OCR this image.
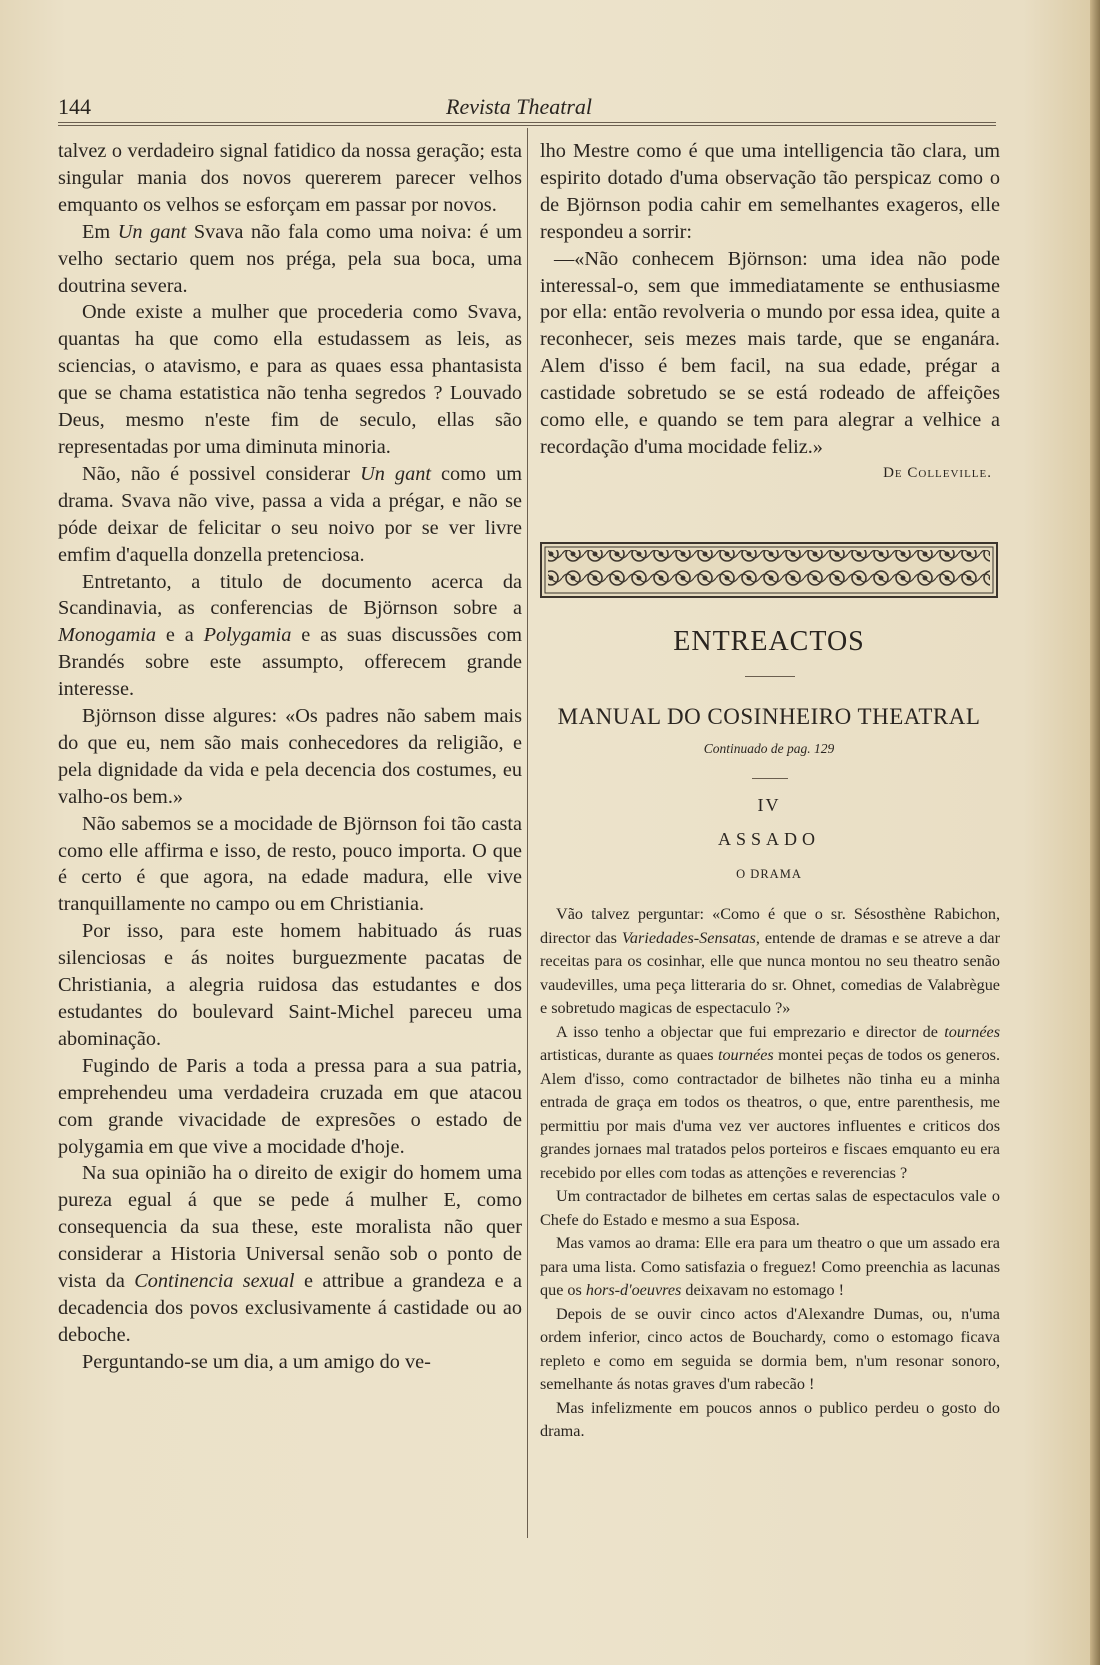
144	Revista Theatral

talvez o verdadeiro signal fatidico da nossa geração; esta singular mania dos novos quererem parecer velhos emquanto os velhos se esforçam em passar por novos.

Em Un gant Svava não fala como uma noiva: é um velho sectario quem nos préga, pela sua boca, uma doutrina severa.

Onde existe a mulher que procederia como Svava, quantas ha que como ella estudassem as leis, as sciencias, o atavismo, e para as quaes essa phantasista que se chama estatistica não tenha segredos ? Louvado Deus, mesmo n'este fim de seculo, ellas são representadas por uma diminuta minoria.

Não, não é possivel considerar Un gant como um drama. Svava não vive, passa a vida a prégar, e não se póde deixar de felicitar o seu noivo por se ver livre emfim d'aquella donzella pretenciosa.

Entretanto, a titulo de documento acerca da Scandinavia, as conferencias de Björnson sobre a Monogamia e a Polygamia e as suas discussões com Brandés sobre este assumpto, offerecem grande interesse.

Björnson disse algures: «Os padres não sabem mais do que eu, nem são mais conhecedores da religião, e pela dignidade da vida e pela decencia dos costumes, eu valho-os bem.»

Não sabemos se a mocidade de Björnson foi tão casta como elle affirma e isso, de resto, pouco importa. O que é certo é que agora, na edade madura, elle vive tranquillamente no campo ou em Christiania.

Por isso, para este homem habituado ás ruas silenciosas e ás noites burguezmente pacatas de Christiania, a alegria ruidosa das estudantes e dos estudantes do boulevard Saint-Michel pareceu uma abominação.

Fugindo de Paris a toda a pressa para a sua patria, emprehendeu uma verdadeira cruzada em que atacou com grande vivacidade de expresões o estado de polygamia em que vive a mocidade d'hoje.

Na sua opinião ha o direito de exigir do homem uma pureza egual á que se pede á mulher E, como consequencia da sua these, este moralista não quer considerar a Historia Universal senão sob o ponto de vista da Continencia sexual e attribue a grandeza e a decadencia dos povos exclusivamente á castidade ou ao deboche.

Perguntando-se um dia, a um amigo do ve-

lho Mestre como é que uma intelligencia tão clara, um espirito dotado d'uma observação tão perspicaz como o de Björnson podia cahir em semelhantes exageros, elle respondeu a sorrir:

—«Não conhecem Björnson: uma idea não pode interessal-o, sem que immediatamente se enthusiasme por ella: então revolveria o mundo por essa idea, quite a reconhecer, seis mezes mais tarde, que se enganára. Alem d'isso é bem facil, na sua edade, prégar a castidade sobretudo se se está rodeado de affeições como elle, e quando se tem para alegrar a velhice a recordação d'uma mocidade feliz.»

De Colleville.
ENTREACTOS
MANUAL DO COSINHEIRO THEATRAL
Continuado de pag. 129
IV
ASSADO
O DRAMA

Vão talvez perguntar: «Como é que o sr. Sésosthène Rabichon, director das Variedades-Sensatas, entende de dramas e se atreve a dar receitas para os cosinhar, elle que nunca montou no seu theatro senão vaudevilles, uma peça litteraria do sr. Ohnet, comedias de Valabrègue e sobretudo magicas de espectaculo ?»

A isso tenho a objectar que fui emprezario e director de tournées artisticas, durante as quaes tournées montei peças de todos os generos. Alem d'isso, como contractador de bilhetes não tinha eu a minha entrada de graça em todos os theatros, o que, entre parenthesis, me permittiu por mais d'uma vez ver auctores influentes e criticos dos grandes jornaes mal tratados pelos porteiros e fiscaes emquanto eu era recebido por elles com todas as attenções e reverencias ?

Um contractador de bilhetes em certas salas de espectaculos vale o Chefe do Estado e mesmo a sua Esposa.

Mas vamos ao drama: Elle era para um theatro o que um assado era para uma lista. Como satisfazia o freguez! Como preenchia as lacunas que os hors-d'oeuvres deixavam no estomago !

Depois de se ouvir cinco actos d'Alexandre Dumas, ou, n'uma ordem inferior, cinco actos de Bouchardy, como o estomago ficava repleto e como em seguida se dormia bem, n'um resonar sonoro, semelhante ás notas graves d'um rabecão !

Mas infelizmente em poucos annos o publico perdeu o gosto do drama.
